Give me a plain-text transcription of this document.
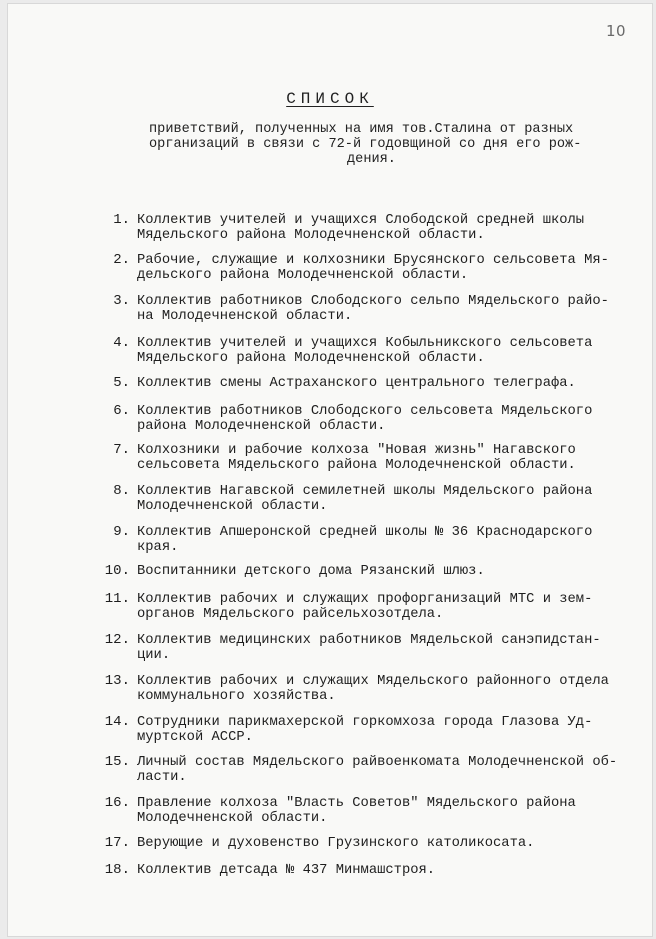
10
СПИСОК
приветствий, полученных на имя тов.Сталина от разных
организаций в связи с 72-й годовщиной со дня его рож-
дения.
1. Коллектив учителей и учащихся Слободской средней школы
Мядельского района Молодечненской области.
2. Рабочие, служащие и колхозники Брусянского сельсовета Мя-
дельского района Молодечненской области.
3. Коллектив работников Слободского сельпо Мядельского райо-
на Молодечненской области.
4. Коллектив учителей и учащихся Кобыльникского сельсовета
Мядельского района Молодечненской области.
5. Коллектив смены Астраханского центрального телеграфа.
6. Коллектив работников Слободского сельсовета Мядельского
района Молодечненской области.
7. Колхозники и рабочие колхоза "Новая жизнь" Нагавского
сельсовета Мядельского района Молодечненской области.
8. Коллектив Нагавской семилетней школы Мядельского района
Молодечненской области.
9. Коллектив Апшеронской средней школы № 36 Краснодарского
края.
10. Воспитанники детского дома Рязанский шлюз.
11. Коллектив рабочих и служащих профорганизаций МТС и зем-
органов Мядельского райсельхозотдела.
12. Коллектив медицинских работников Мядельской санэпидстан-
ции.
13. Коллектив рабочих и служащих Мядельского районного отдела
коммунального хозяйства.
14. Сотрудники парикмахерской горкомхоза города Глазова Уд-
муртской АССР.
15. Личный состав Мядельского райвоенкомата Молодечненской об-
ласти.
16. Правление колхоза "Власть Советов" Мядельского района
Молодечненской области.
17. Верующие и духовенство Грузинского католикосата.
18. Коллектив детсада № 437 Минмашстроя.
